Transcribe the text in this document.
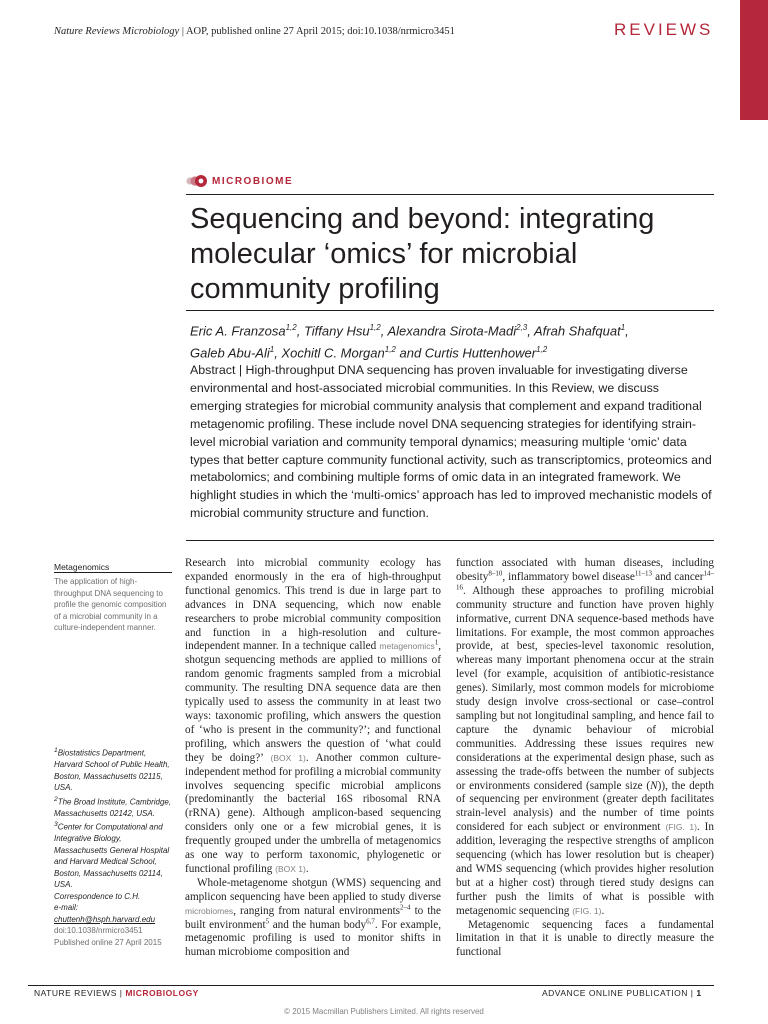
Nature Reviews Microbiology | AOP, published online 27 April 2015; doi:10.1038/nrmicro3451	REVIEWS
MICROBIOME
Sequencing and beyond: integrating molecular ‘omics’ for microbial community profiling
Eric A. Franzosa$^{1,2}$, Tiffany Hsu$^{1,2}$, Alexandra Sirota-Madi$^{2,3}$, Afrah Shafquat$^1$,
Galeb Abu-Ali$^1$, Xochitl C. Morgan$^{1,2}$ and Curtis Huttenhower$^{1,2}$
Abstract | High-throughput DNA sequencing has proven invaluable for investigating diverse environmental and host-associated microbial communities. In this Review, we discuss emerging strategies for microbial community analysis that complement and expand traditional metagenomic profiling. These include novel DNA sequencing strategies for identifying strain-level microbial variation and community temporal dynamics; measuring multiple ‘omic’ data types that better capture community functional activity, such as transcriptomics, proteomics and metabolomics; and combining multiple forms of omic data in an integrated framework. We highlight studies in which the ‘multi-omics’ approach has led to improved mechanistic models of microbial community structure and function.
Metagenomics
The application of high-throughput DNA sequencing to profile the genomic composition of a microbial community in a culture-independent manner.
$^1$Biostatistics Department, Harvard School of Public Health, Boston, Massachusetts 02115, USA.
$^2$The Broad Institute, Cambridge, Massachusetts 02142, USA.
$^3$Center for Computational and Integrative Biology, Massachusetts General Hospital and Harvard Medical School, Boston, Massachusetts 02114, USA.
Correspondence to C.H.
e-mail:
chuttenh@hsph.harvard.edu
doi:10.1038/nrmicro3451
Published online 27 April 2015

Research into microbial community ecology has expanded enormously in the era of high-throughput functional genomics. This trend is due in large part to advances in DNA sequencing, which now enable researchers to probe microbial community composition and function in a high-resolution and culture-independent manner. In a technique called metagenomics$^1$, shotgun sequencing methods are applied to millions of random genomic fragments sampled from a microbial community. The resulting DNA sequence data are then typically used to assess the community in at least two ways: taxonomic profiling, which answers the question of ‘who is present in the community?’; and functional profiling, which answers the question of ‘what could they be doing?’ (BOX 1). Another common culture-independent method for profiling a microbial community involves sequencing specific microbial amplicons (predominantly the bacterial 16S ribosomal RNA (rRNA) gene). Although amplicon-based sequencing considers only one or a few microbial genes, it is frequently grouped under the umbrella of metagenomics as one way to perform taxonomic, phylogenetic or functional profiling (BOX 1).

Whole-metagenome shotgun (WMS) sequencing and amplicon sequencing have been applied to study diverse microbiomes, ranging from natural environments$^{2-4}$ to the built environment$^5$ and the human body$^{6,7}$. For example, metagenomic profiling is used to monitor shifts in human microbiome composition and

function associated with human diseases, including obesity$^{8-10}$, inflammatory bowel disease$^{11-13}$ and cancer$^{14-16}$. Although these approaches to profiling microbial community structure and function have proven highly informative, current DNA sequence-based methods have limitations. For example, the most common approaches provide, at best, species-level taxonomic resolution, whereas many important phenomena occur at the strain level (for example, acquisition of antibiotic-resistance genes). Similarly, most common models for microbiome study design involve cross-sectional or case–control sampling but not longitudinal sampling, and hence fail to capture the dynamic behaviour of microbial communities. Addressing these issues requires new considerations at the experimental design phase, such as assessing the trade-offs between the number of subjects or environments considered (sample size (N)), the depth of sequencing per environment (greater depth facilitates strain-level analysis) and the number of time points considered for each subject or environment (FIG. 1). In addition, leveraging the respective strengths of amplicon sequencing (which has lower resolution but is cheaper) and WMS sequencing (which provides higher resolution but at a higher cost) through tiered study designs can further push the limits of what is possible with metagenomic sequencing (FIG. 1).

Metagenomic sequencing faces a fundamental limitation in that it is unable to directly measure the functional

NATURE REVIEWS | MICROBIOLOGY	ADVANCE ONLINE PUBLICATION | 1
© 2015 Macmillan Publishers Limited. All rights reserved
